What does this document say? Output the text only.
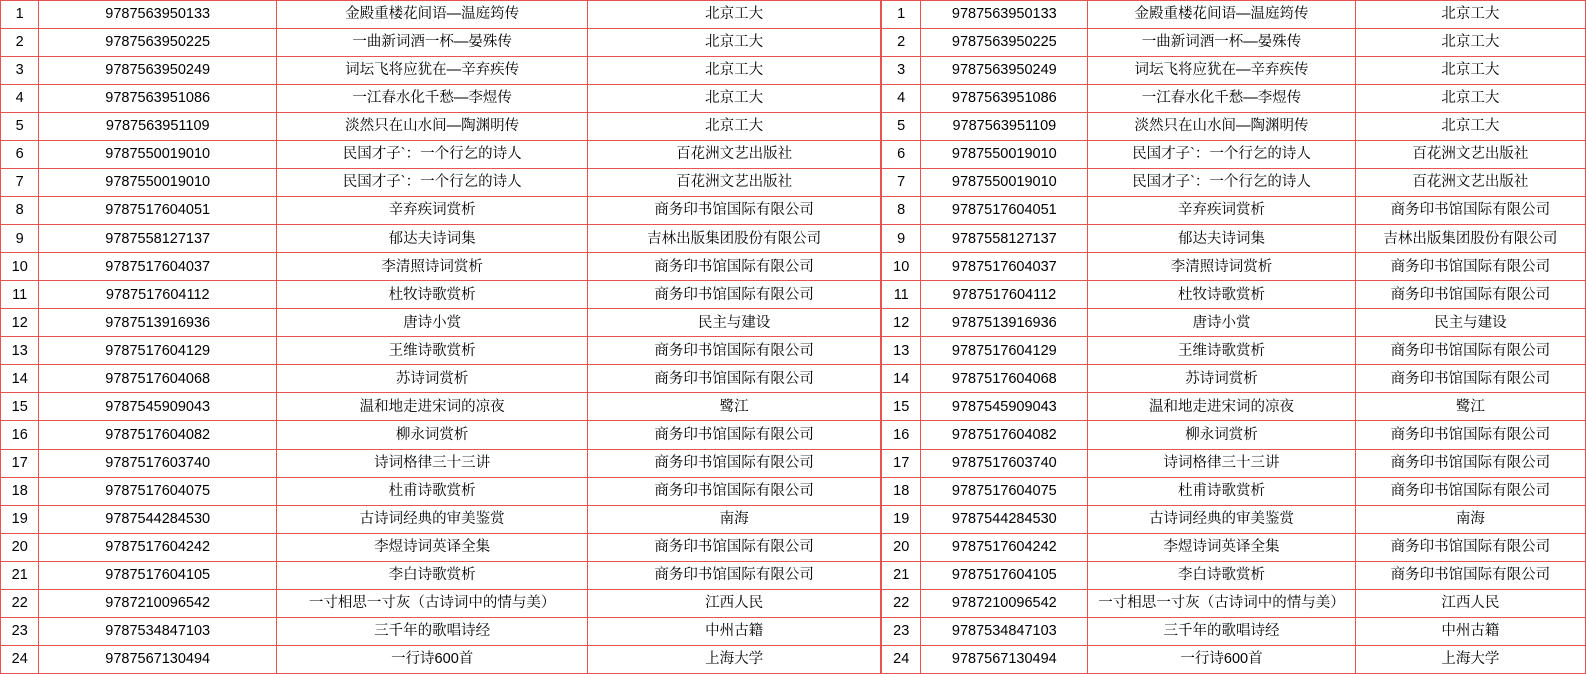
1	9787563950133	金殿重楼花间语—温庭筠传	北京工大
2	9787563950225	一曲新词酒一杯—晏殊传	北京工大
3	9787563950249	词坛飞将应犹在—辛弃疾传	北京工大
4	9787563951086	一江春水化千愁—李煜传	北京工大
5	9787563951109	淡然只在山水间—陶渊明传	北京工大
6	9787550019010	民国才子`：一个行乞的诗人	百花洲文艺出版社
7	9787550019010	民国才子`：一个行乞的诗人	百花洲文艺出版社
8	9787517604051	辛弃疾词赏析	商务印书馆国际有限公司
9	9787558127137	郁达夫诗词集	吉林出版集团股份有限公司
10	9787517604037	李清照诗词赏析	商务印书馆国际有限公司
11	9787517604112	杜牧诗歌赏析	商务印书馆国际有限公司
12	9787513916936	唐诗小赏	民主与建设
13	9787517604129	王维诗歌赏析	商务印书馆国际有限公司
14	9787517604068	苏诗词赏析	商务印书馆国际有限公司
15	9787545909043	温和地走进宋词的凉夜	鹭江
16	9787517604082	柳永词赏析	商务印书馆国际有限公司
17	9787517603740	诗词格律三十三讲	商务印书馆国际有限公司
18	9787517604075	杜甫诗歌赏析	商务印书馆国际有限公司
19	9787544284530	古诗词经典的审美鉴赏	南海
20	9787517604242	李煜诗词英译全集	商务印书馆国际有限公司
21	9787517604105	李白诗歌赏析	商务印书馆国际有限公司
22	9787210096542	一寸相思一寸灰（古诗词中的情与美）	江西人民
23	9787534847103	三千年的歌唱诗经	中州古籍
24	9787567130494	一行诗600首	上海大学
1	9787563950133	金殿重楼花间语—温庭筠传	北京工大
2	9787563950225	一曲新词酒一杯—晏殊传	北京工大
3	9787563950249	词坛飞将应犹在—辛弃疾传	北京工大
4	9787563951086	一江春水化千愁—李煜传	北京工大
5	9787563951109	淡然只在山水间—陶渊明传	北京工大
6	9787550019010	民国才子`：一个行乞的诗人	百花洲文艺出版社
7	9787550019010	民国才子`：一个行乞的诗人	百花洲文艺出版社
8	9787517604051	辛弃疾词赏析	商务印书馆国际有限公司
9	9787558127137	郁达夫诗词集	吉林出版集团股份有限公司
10	9787517604037	李清照诗词赏析	商务印书馆国际有限公司
11	9787517604112	杜牧诗歌赏析	商务印书馆国际有限公司
12	9787513916936	唐诗小赏	民主与建设
13	9787517604129	王维诗歌赏析	商务印书馆国际有限公司
14	9787517604068	苏诗词赏析	商务印书馆国际有限公司
15	9787545909043	温和地走进宋词的凉夜	鹭江
16	9787517604082	柳永词赏析	商务印书馆国际有限公司
17	9787517603740	诗词格律三十三讲	商务印书馆国际有限公司
18	9787517604075	杜甫诗歌赏析	商务印书馆国际有限公司
19	9787544284530	古诗词经典的审美鉴赏	南海
20	9787517604242	李煜诗词英译全集	商务印书馆国际有限公司
21	9787517604105	李白诗歌赏析	商务印书馆国际有限公司
22	9787210096542	一寸相思一寸灰（古诗词中的情与美）	江西人民
23	9787534847103	三千年的歌唱诗经	中州古籍
24	9787567130494	一行诗600首	上海大学
